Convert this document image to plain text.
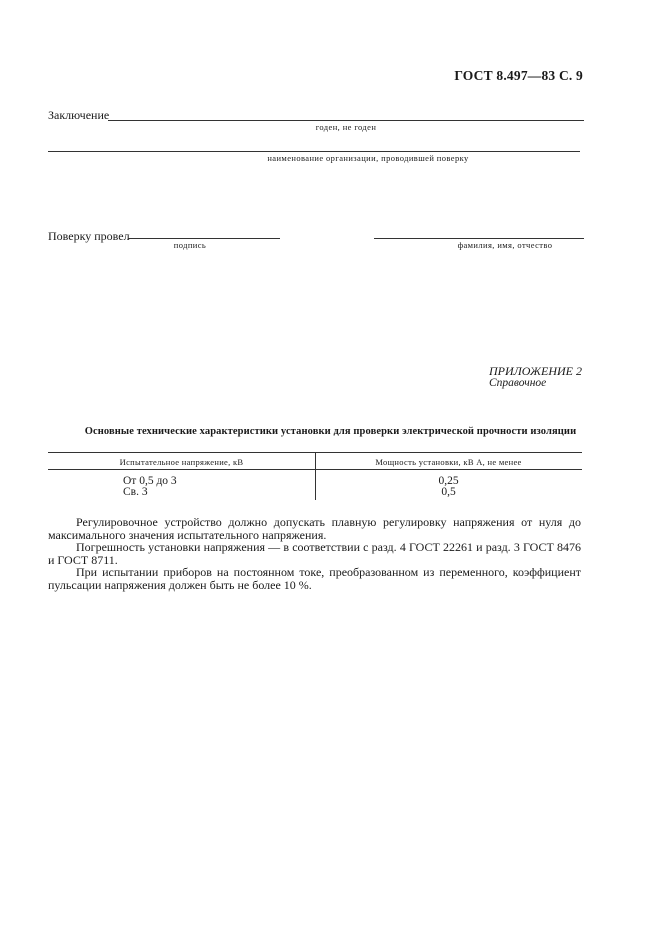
ГОСТ 8.497—83 С. 9
Заключение
годен, не годен
наименование организации, проводившей поверку
Поверку провел
подпись	фамилия, имя, отчество
ПРИЛОЖЕНИЕ 2
Справочное
Основные технические характеристики установки для проверки электрической прочности изоляции
Испытательное напряжение, кВ	Мощность установки, кВ А, не менее
От 0,5 до 3	0,25
Св. 3	0,5

Регулировочное устройство должно допускать плавную регулировку напряжения от нуля до максимального значения испытательного напряжения.

Погрешность установки напряжения — в соответствии с разд. 4 ГОСТ 22261 и разд. 3 ГОСТ 8476 и ГОСТ 8711.

При испытании приборов на постоянном токе, преобразованном из переменного, коэффициент пульсации напряжения должен быть не более 10 %.
